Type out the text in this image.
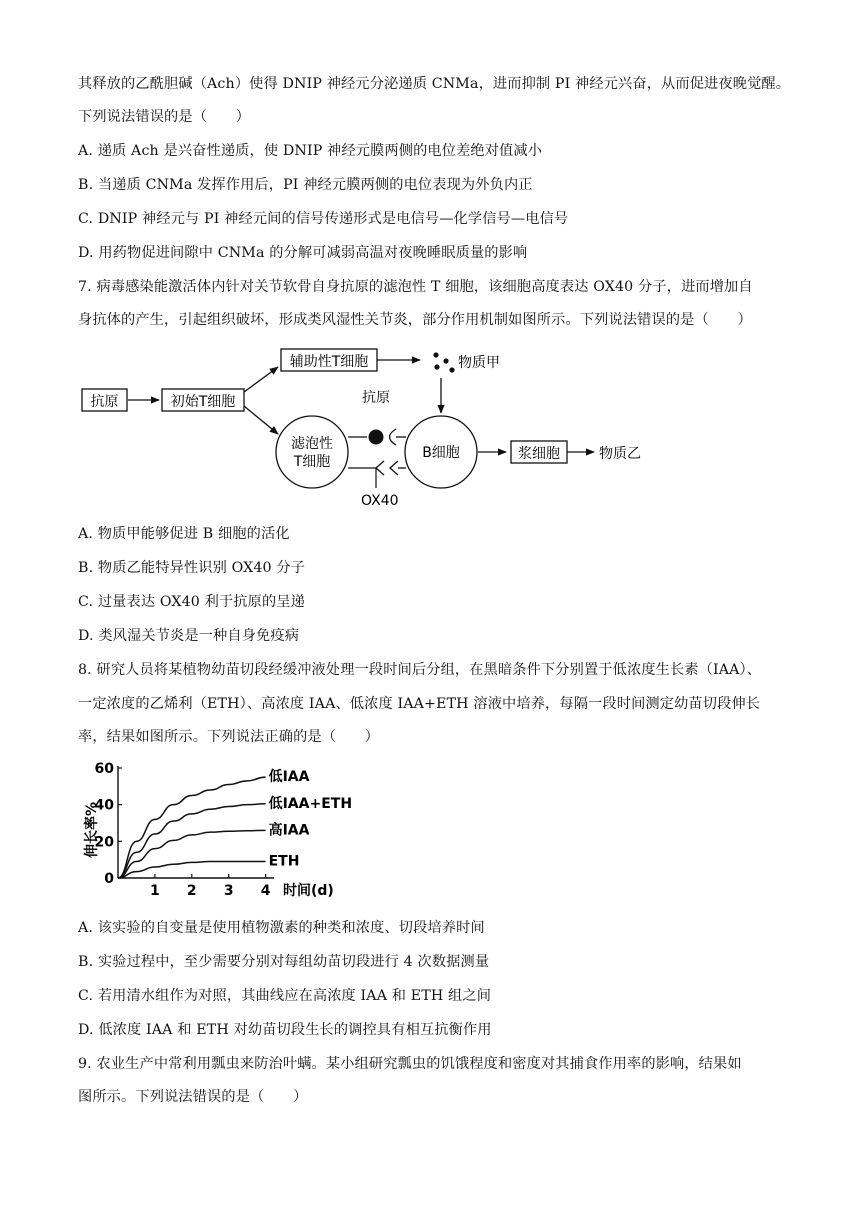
其释放的乙酰胆碱（Ach）使得 DNIP 神经元分泌递质 CNMa，进而抑制 PI 神经元兴奋，从而促进夜晚觉醒。
下列说法错误的是（　　）
A. 递质 Ach 是兴奋性递质，使 DNIP 神经元膜两侧的电位差绝对值减小
B. 当递质 CNMa 发挥作用后，PI 神经元膜两侧的电位表现为外负内正
C. DNIP 神经元与 PI 神经元间的信号传递形式是电信号—化学信号—电信号
D. 用药物促进间隙中 CNMa 的分解可减弱高温对夜晚睡眠质量的影响
7. 病毒感染能激活体内针对关节软骨自身抗原的滤泡性 T 细胞，该细胞高度表达 OX40 分子，进而增加自
身抗体的产生，引起组织破坏，形成类风湿性关节炎，部分作用机制如图所示。下列说法错误的是（　　）
抗原	初始T细胞
辅助性T细胞	物质甲
滤泡性
T细胞
抗原
OX40
B细胞	浆细胞	物质乙
A. 物质甲能够促进 B 细胞的活化
B. 物质乙能特异性识别 OX40 分子
C. 过量表达 OX40 利于抗原的呈递
D. 类风湿关节炎是一种自身免疫病
8. 研究人员将某植物幼苗切段经缓冲液处理一段时间后分组，在黑暗条件下分别置于低浓度生长素（IAA）、
一定浓度的乙烯利（ETH）、高浓度 IAA、低浓度 IAA+ETH 溶液中培养，每隔一段时间测定幼苗切段伸长
率，结果如图所示。下列说法正确的是（　　）
伸长率%
时间(d)
1 2 3 4
0
20
40
60
低IAA
低IAA+ETH
高IAA
ETH
A. 该实验的自变量是使用植物激素的种类和浓度、切段培养时间
B. 实验过程中，至少需要分别对每组幼苗切段进行 4 次数据测量
C. 若用清水组作为对照，其曲线应在高浓度 IAA 和 ETH 组之间
D. 低浓度 IAA 和 ETH 对幼苗切段生长的调控具有相互抗衡作用
9. 农业生产中常利用瓢虫来防治叶螨。某小组研究瓢虫的饥饿程度和密度对其捕食作用率的影响，结果如
图所示。下列说法错误的是（　　）
